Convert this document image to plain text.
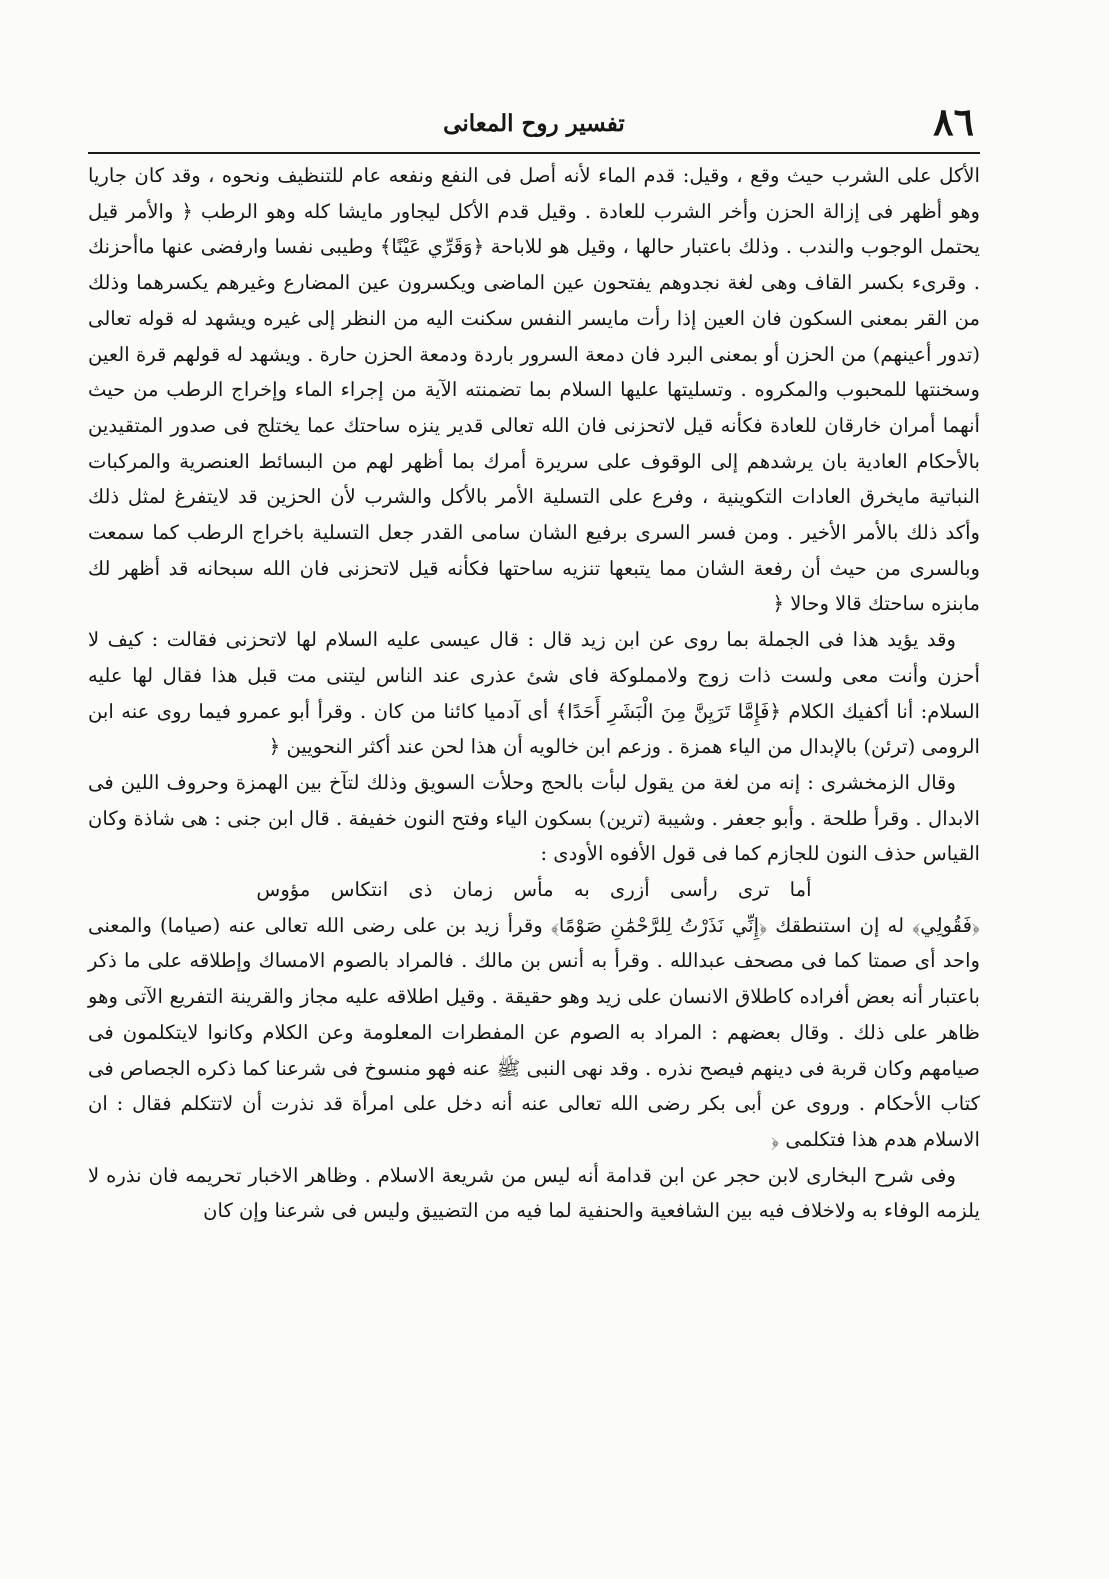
٨٦
تفسير روح المعانى

الأكل على الشرب حيث وقع ، وقيل: قدم الماء لأنه أصل فى النفع ونفعه عام للتنظيف ونحوه ، وقد كان جاريا وهو أظهر فى إزالة الحزن وأخر الشرب للعادة . وقيل قدم الأكل ليجاور مايشا كله وهو الرطب ﴿ والأمر قيل يحتمل الوجوب والندب . وذلك باعتبار حالها ، وقيل هو للاباحة ﴿وَقَرِّي عَيْنًا﴾ وطيبى نفسا وارفضى عنها ماأحزنك . وقرىء بكسر القاف وهى لغة نجدوهم يفتحون عين الماضى ويكسرون عين المضارع وغيرهم يكسرهما وذلك من القر بمعنى السكون فان العين إذا رأت مايسر النفس سكنت اليه من النظر إلى غيره ويشهد له قوله تعالى (تدور أعينهم) من الحزن أو بمعنى البرد فان دمعة السرور باردة ودمعة الحزن حارة . ويشهد له قولهم قرة العين وسخنتها للمحبوب والمكروه . وتسليتها عليها السلام بما تضمنته الآية من إجراء الماء وإخراج الرطب من حيث أنهما أمران خارقان للعادة فكأنه قيل لاتحزنى فان الله تعالى قدير ينزه ساحتك عما يختلج فى صدور المتقيدين بالأحكام العادية بان يرشدهم إلى الوقوف على سريرة أمرك بما أظهر لهم من البسائط العنصرية والمركبات النباتية مايخرق العادات التكوينية ، وفرع على التسلية الأمر بالأكل والشرب لأن الحزين قد لايتفرغ لمثل ذلك وأكد ذلك بالأمر الأخير . ومن فسر السرى برفيع الشان سامى القدر جعل التسلية باخراج الرطب كما سمعت وبالسرى من حيث أن رفعة الشان مما يتبعها تنزيه ساحتها فكأنه قيل لاتحزنى فان الله سبحانه قد أظهر لك مابنزه ساحتك قالا وحالا ﴿

وقد يؤيد هذا فى الجملة بما روى عن ابن زيد قال : قال عيسى عليه السلام لها لاتحزنى فقالت : كيف لا أحزن وأنت معى ولست ذات زوج ولامملوكة فاى شئ عذرى عند الناس ليتنى مت قبل هذا فقال لها عليه السلام: أنا أكفيك الكلام ﴿فَإِمَّا تَرَيِنَّ مِنَ الْبَشَرِ أَحَدًا﴾ أى آدميا كائنا من كان . وقرأ أبو عمرو فيما روى عنه ابن الرومى (ترئن) بالإبدال من الياء همزة . وزعم ابن خالويه أن هذا لحن عند أكثر النحويين ﴿

وقال الزمخشرى : إنه من لغة من يقول لبأت بالحج وحلأت السويق وذلك لتآخ بين الهمزة وحروف اللين فى الابدال . وقرأ طلحة . وأبو جعفر . وشيبة (ترين) بسكون الياء وفتح النون خفيفة . قال ابن جنى : هى شاذة وكان القياس حذف النون للجازم كما فى قول الأفوه الأودى :

أما ترى رأسى أزرى به مأس زمان ذى انتكاس مؤوس

﴿فَقُولِي﴾ له إن استنطقك ﴿إِنِّي نَذَرْتُ لِلرَّحْمَٰنِ صَوْمًا﴾ وقرأ زيد بن على رضى الله تعالى عنه (صياما) والمعنى واحد أى صمتا كما فى مصحف عبدالله . وقرأ به أنس بن مالك . فالمراد بالصوم الامساك وإطلاقه على ما ذكر باعتبار أنه بعض أفراده كاطلاق الانسان على زيد وهو حقيقة . وقيل اطلاقه عليه مجاز والقرينة التفريع الآتى وهو ظاهر على ذلك . وقال بعضهم : المراد به الصوم عن المفطرات المعلومة وعن الكلام وكانوا لايتكلمون فى صيامهم وكان قربة فى دينهم فيصح نذره . وقد نهى النبى ﷺ عنه فهو منسوخ فى شرعنا كما ذكره الجصاص فى كتاب الأحكام . وروى عن أبى بكر رضى الله تعالى عنه أنه دخل على امرأة قد نذرت أن لاتتكلم فقال : ان الاسلام هدم هذا فتكلمى ﴿

وفى شرح البخارى لابن حجر عن ابن قدامة أنه ليس من شريعة الاسلام . وظاهر الاخبار تحريمه فان نذره لا يلزمه الوفاء به ولاخلاف فيه بين الشافعية والحنفية لما فيه من التضييق وليس فى شرعنا وإن كان
